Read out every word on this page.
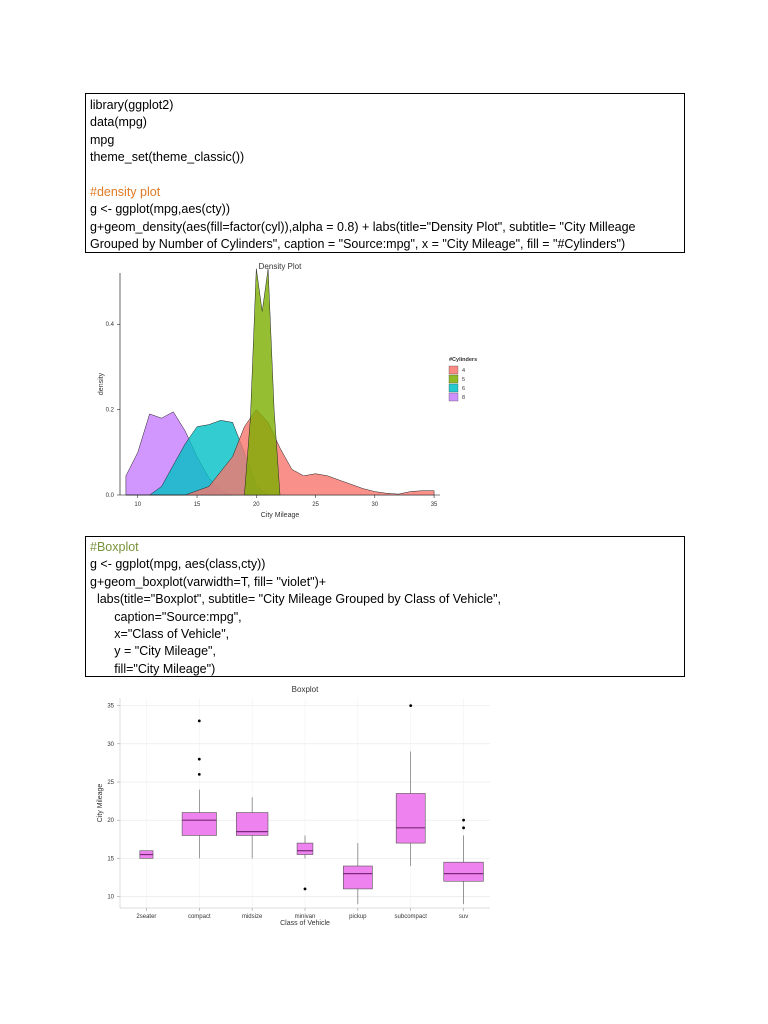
library(ggplot2)
data(mpg)
mpg
theme_set(theme_classic())

#density plot
g <- ggplot(mpg,aes(cty))
g+geom_density(aes(fill=factor(cyl)),alpha = 0.8) + labs(title="Density Plot", subtitle= "City Milleage
Grouped by Number of Cylinders", caption = "Source:mpg", x = "City Mileage", fill = "#Cylinders")
Density Plot
10	15	20	25	30	35
0.0
0.2
0.4
City Mileage
density
#Cylinders
4
5
6
8
#Boxplot
g <- ggplot(mpg, aes(class,cty))
g+geom_boxplot(varwidth=T, fill= "violet")+
labs(title="Boxplot", subtitle= "City Mileage Grouped by Class of Vehicle",
caption="Source:mpg",
x="Class of Vehicle",
y = "City Mileage",
fill="City Mileage")
Boxplot
10
15
20
25
30
35
2seater	compact	midsize	minivan	pickup	subcompact	suv
Class of Vehicle
City Mileage
